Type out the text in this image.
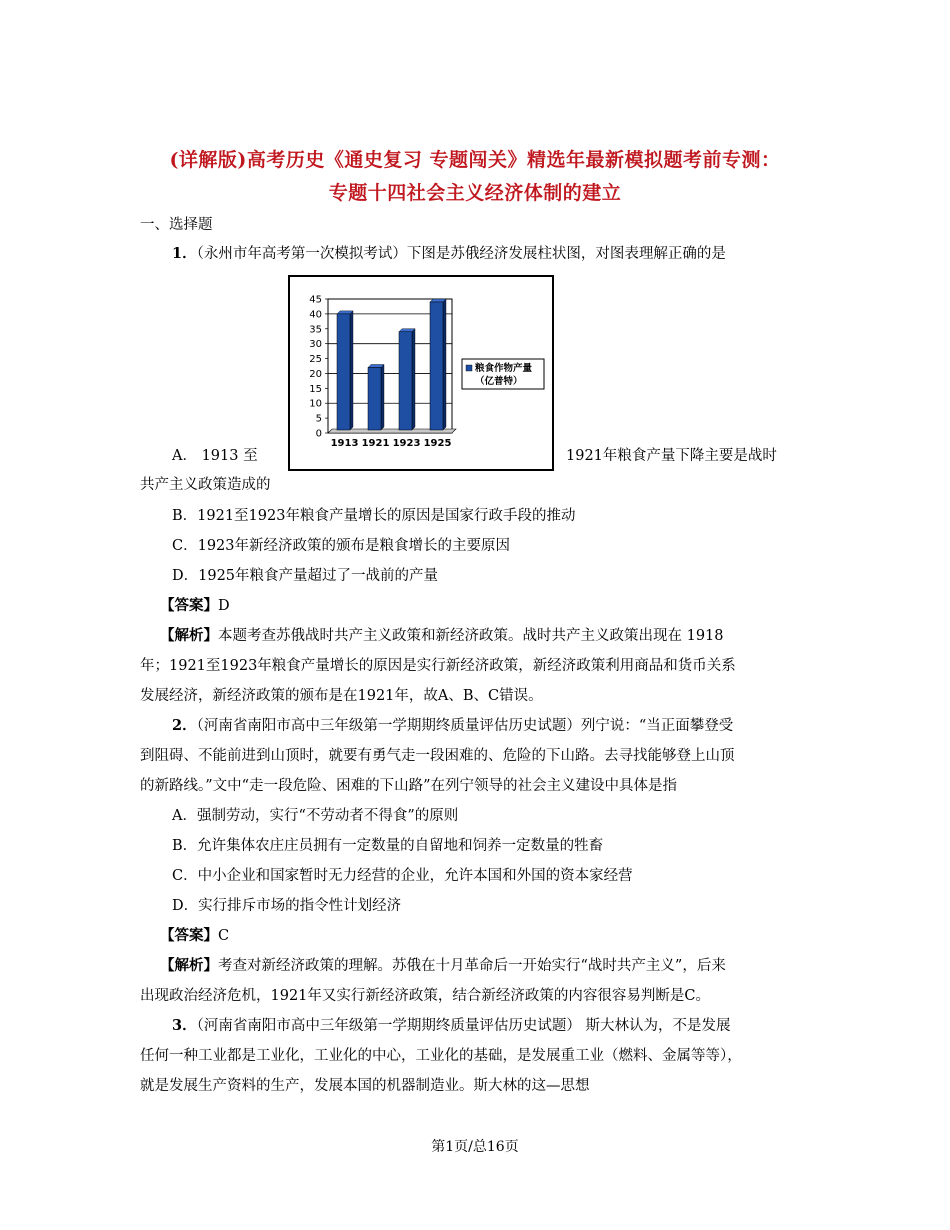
(详解版)高考历史《通史复习 专题闯关》精选年最新模拟题考前专测：
专题十四社会主义经济体制的建立
一、选择题
1．（永州市年高考第一次模拟考试）下图是苏俄经济发展柱状图，对图表理解正确的是
0
5
10
15
20
25
30
35
40
45
1913 1921 1923 1925
粮食作物产量
（亿普特）
A． 1913 至	1921年粮食产量下降主要是战时
共产主义政策造成的
B．1921至1923年粮食产量增长的原因是国家行政手段的推动
C．1923年新经济政策的颁布是粮食增长的主要原因
D．1925年粮食产量超过了一战前的产量
【答案】D
【解析】本题考查苏俄战时共产主义政策和新经济政策。战时共产主义政策出现在 1918
年；1921至1923年粮食产量增长的原因是实行新经济政策，新经济政策利用商品和货币关系
发展经济，新经济政策的颁布是在1921年，故A、B、C错误。
2．（河南省南阳市高中三年级第一学期期终质量评估历史试题）列宁说：“当正面攀登受
到阻碍、不能前进到山顶时，就要有勇气走一段困难的、危险的下山路。去寻找能够登上山顶
的新路线。”文中“走一段危险、困难的下山路”在列宁领导的社会主义建设中具体是指
A．强制劳动，实行“不劳动者不得食”的原则
B．允许集体农庄庄员拥有一定数量的自留地和饲养一定数量的牲畜
C．中小企业和国家暂时无力经营的企业，允许本国和外国的资本家经营
D．实行排斥市场的指令性计划经济
【答案】C
【解析】考查对新经济政策的理解。苏俄在十月革命后一开始实行“战时共产主义”，后来
出现政治经济危机，1921年又实行新经济政策，结合新经济政策的内容很容易判断是C。
3．（河南省南阳市高中三年级第一学期期终质量评估历史试题） 斯大林认为，不是发展
任何一种工业都是工业化，工业化的中心，工业化的基础，是发展重工业（燃料、金属等等），
就是发展生产资料的生产，发展本国的机器制造业。斯大林的这—思想
第1页/总16页
